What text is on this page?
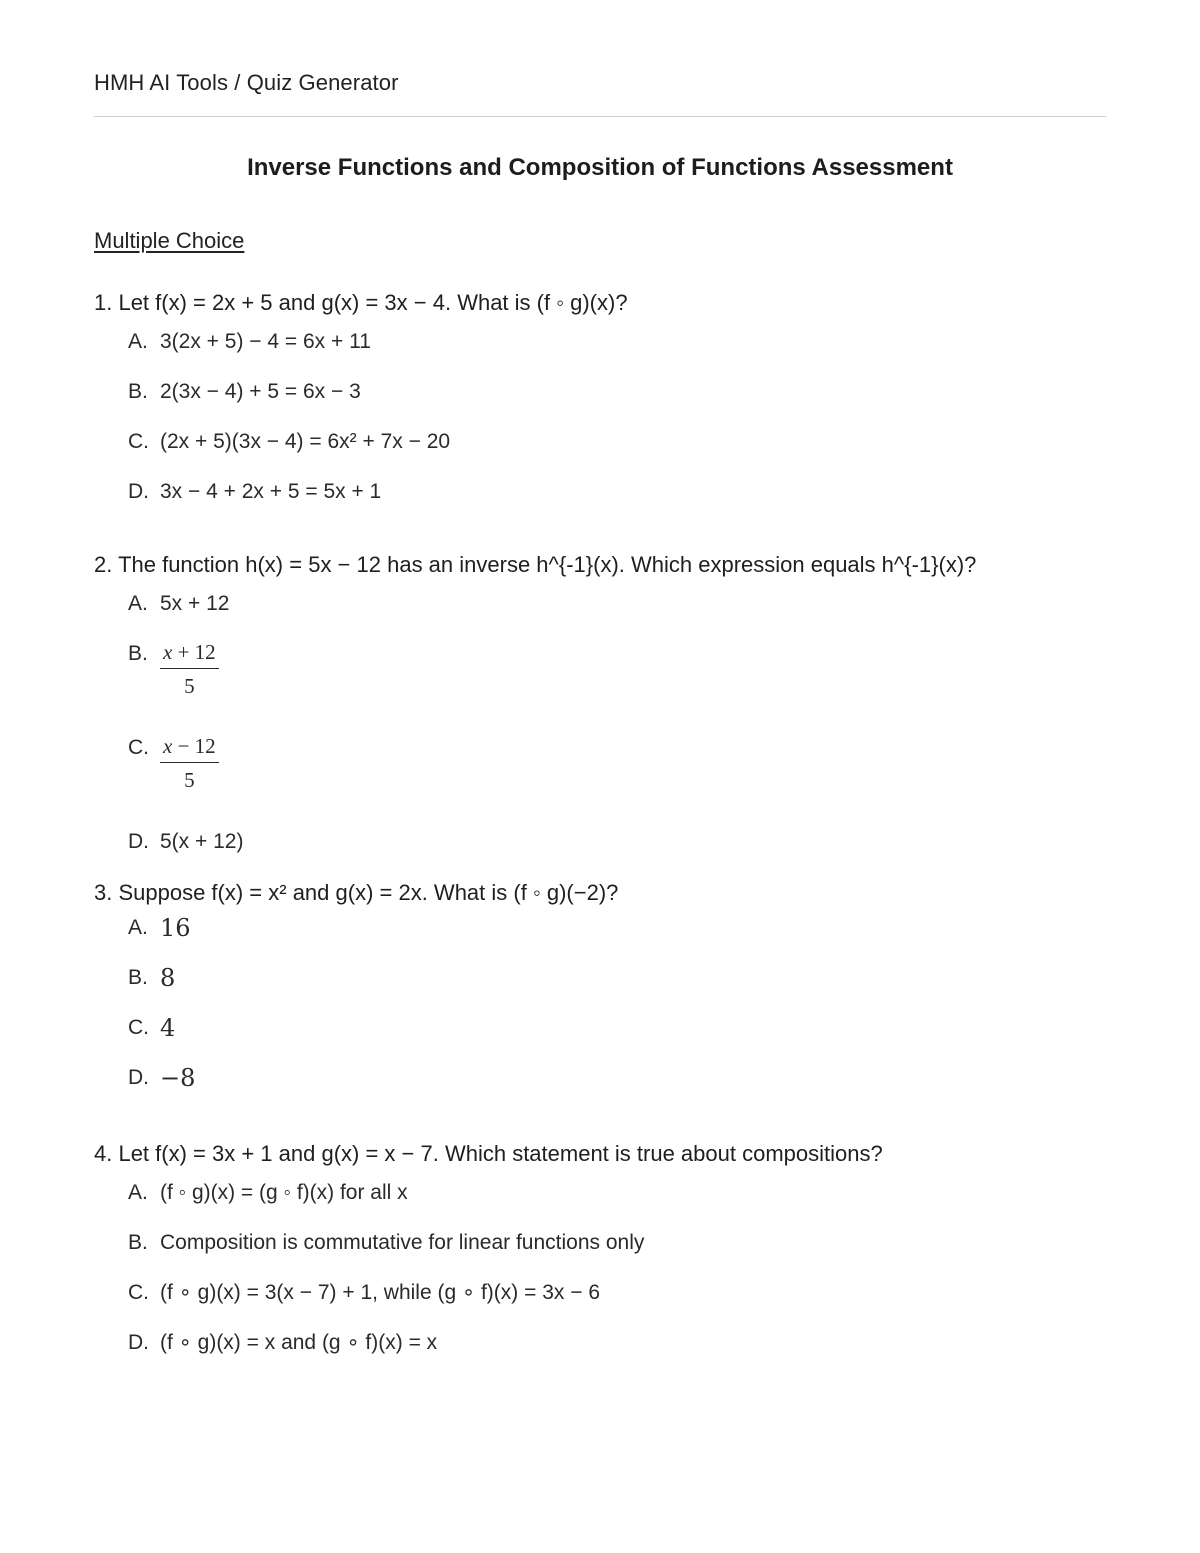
HMH AI Tools / Quiz Generator
Inverse Functions and Composition of Functions Assessment
Multiple Choice
1. Let f(x) = 2x + 5 and g(x) = 3x − 4. What is (f ◦ g)(x)?
A. 3(2x + 5) − 4 = 6x + 11
B. 2(3x − 4) + 5 = 6x − 3
C. (2x + 5)(3x − 4) = 6x² + 7x − 20
D. 3x − 4 + 2x + 5 = 5x + 1
2. The function h(x) = 5x − 12 has an inverse h^{-1}(x). Which expression equals h^{-1}(x)?
A. 5x + 12
B. $\frac{x + 12}{5}$
C. $\frac{x - 12}{5}$
D. 5(x + 12)
3. Suppose f(x) = x² and g(x) = 2x. What is (f ◦ g)(−2)?
A. 16
B. 8
C. 4
D. −8
4. Let f(x) = 3x + 1 and g(x) = x − 7. Which statement is true about compositions?
A. (f ◦ g)(x) = (g ◦ f)(x) for all x
B. Composition is commutative for linear functions only
C. (f ∘ g)(x) = 3(x − 7) + 1, while (g ∘ f)(x) = 3x − 6
D. (f ∘ g)(x) = x and (g ∘ f)(x) = x
